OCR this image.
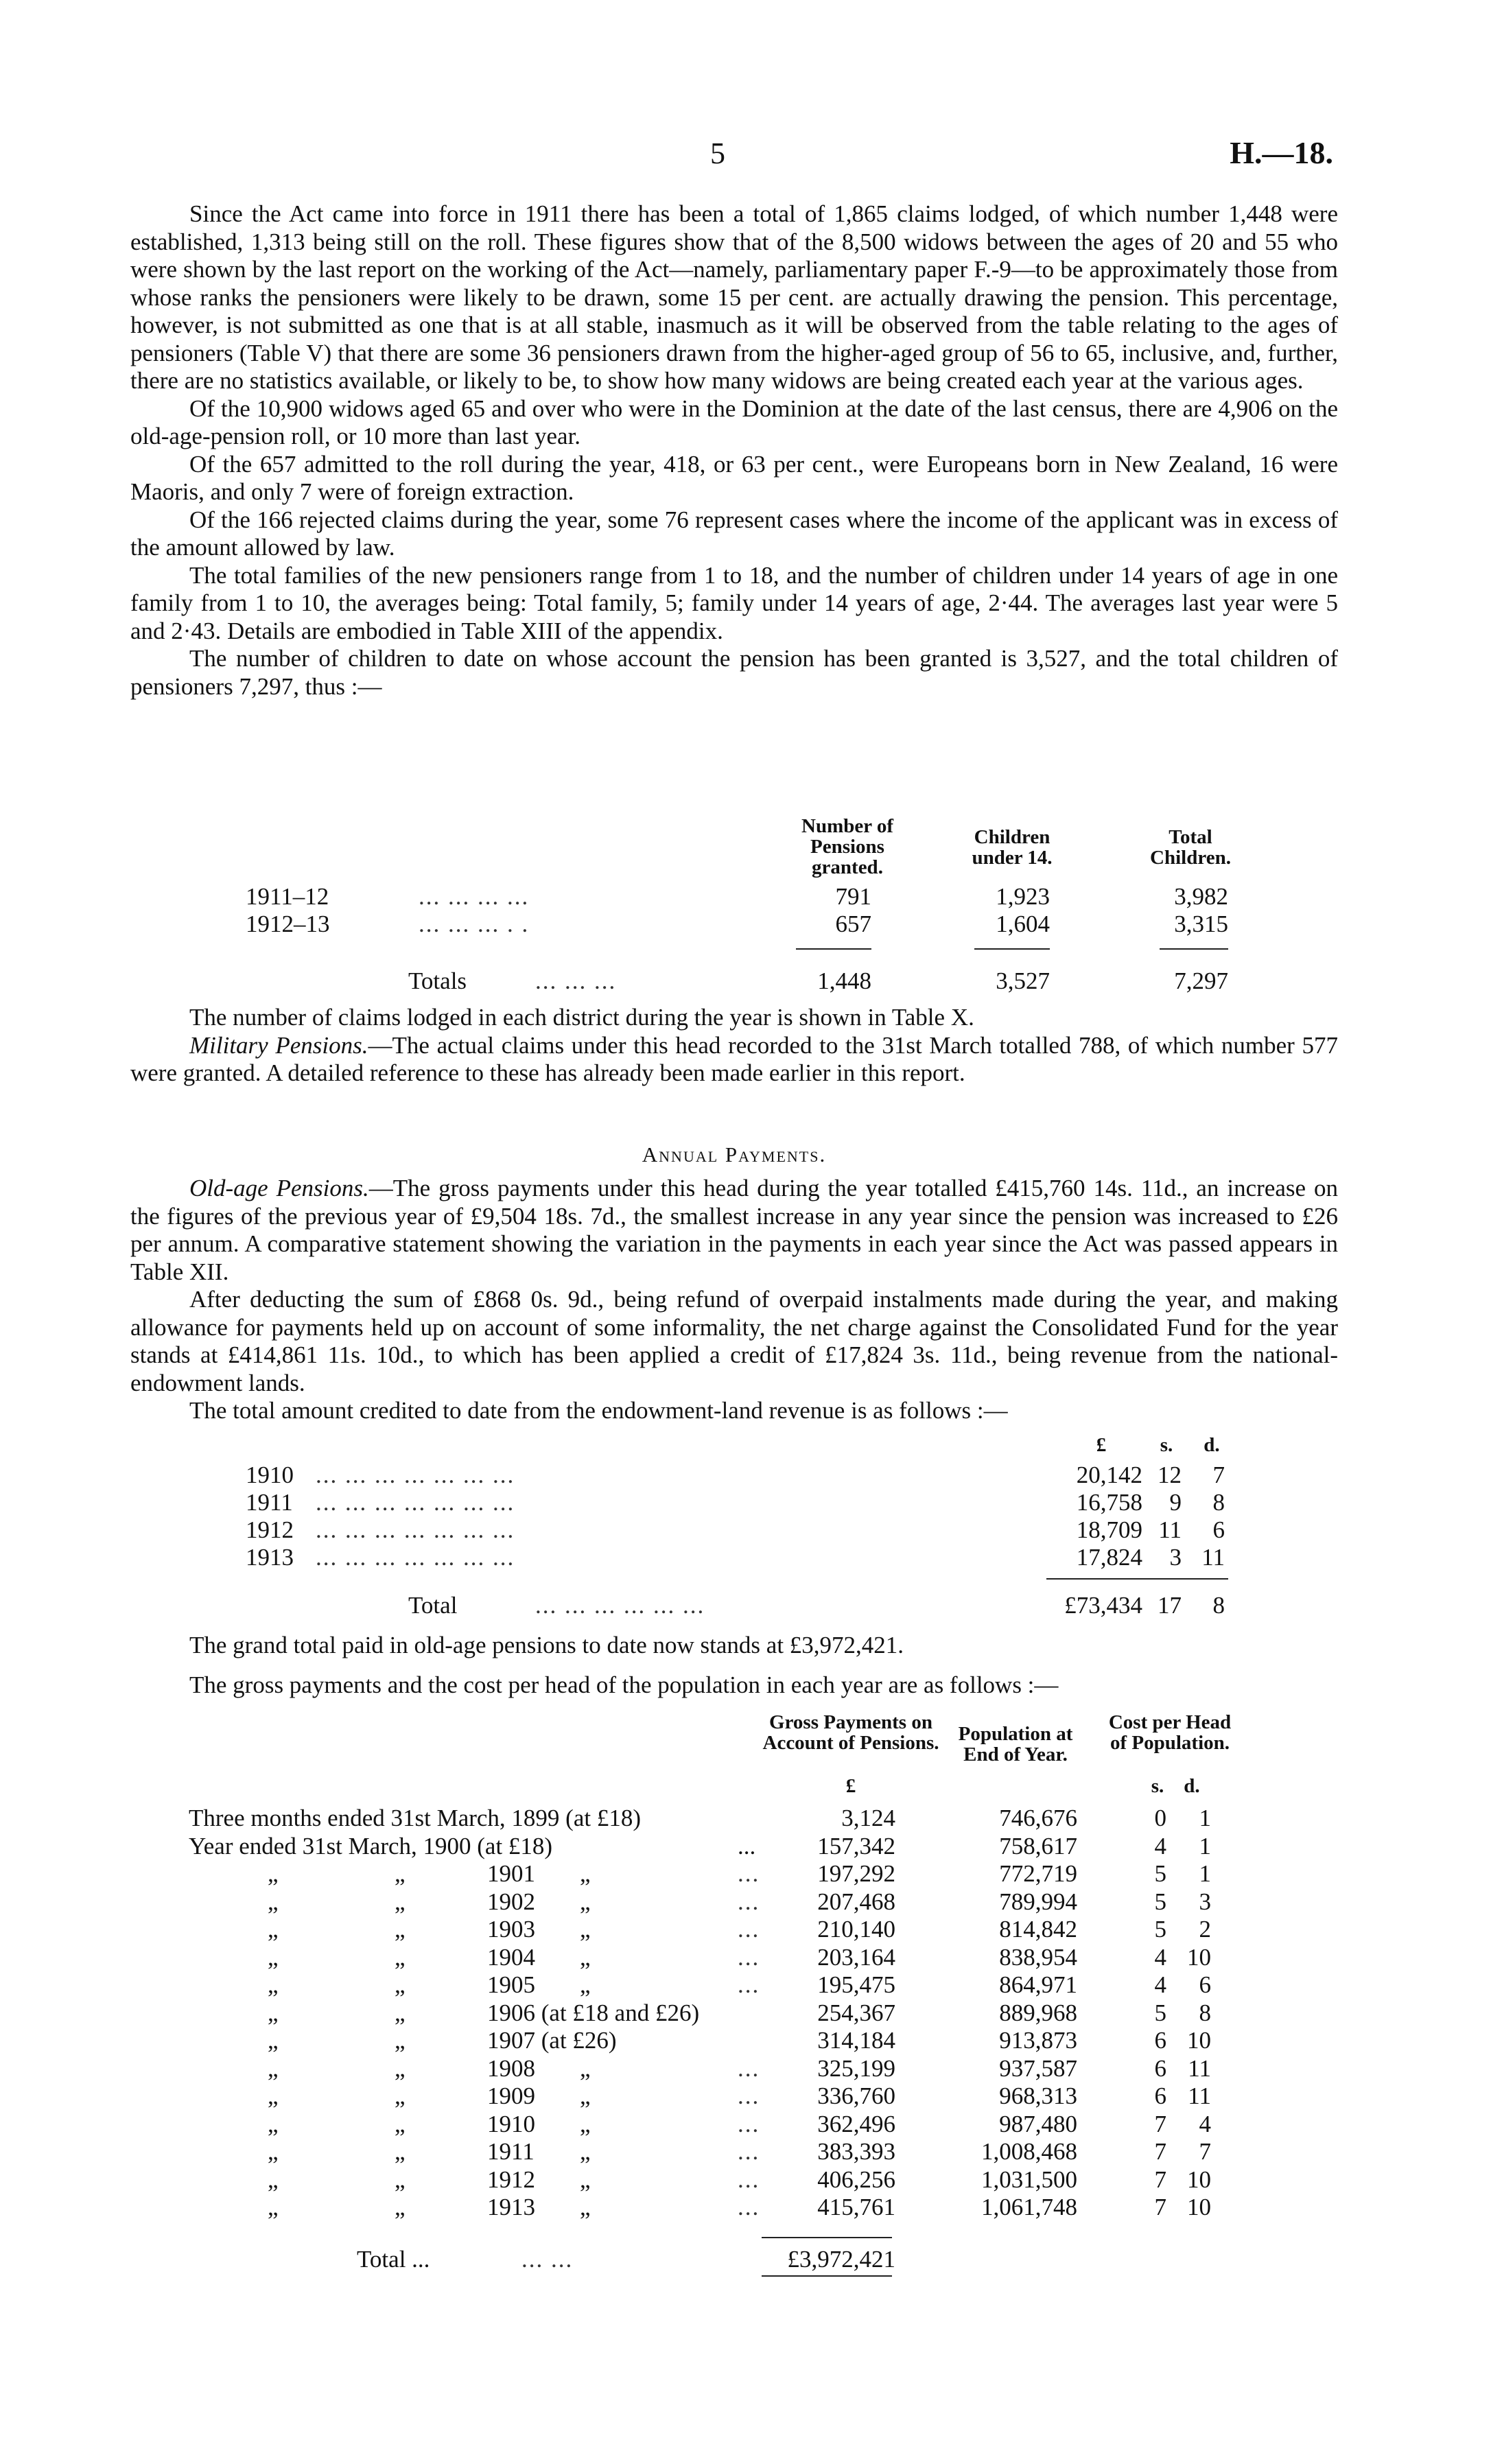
5	H.—18.

Since the Act came into force in 1911 there has been a total of 1,865 claims lodged, of which number 1,448 were established, 1,313 being still on the roll. These figures show that of the 8,500 widows between the ages of 20 and 55 who were shown by the last report on the working of the Act—namely, parliamentary paper F.-9—to be approximately those from whose ranks the pensioners were likely to be drawn, some 15 per cent. are actually drawing the pension. This percentage, however, is not submitted as one that is at all stable, inasmuch as it will be observed from the table relating to the ages of pensioners (Table V) that there are some 36 pensioners drawn from the higher-aged group of 56 to 65, inclusive, and, further, there are no statistics available, or likely to be, to show how many widows are being created each year at the various ages.

Of the 10,900 widows aged 65 and over who were in the Dominion at the date of the last census, there are 4,906 on the old-age-pension roll, or 10 more than last year.

Of the 657 admitted to the roll during the year, 418, or 63 per cent., were Europeans born in New Zealand, 16 were Maoris, and only 7 were of foreign extraction.

Of the 166 rejected claims during the year, some 76 represent cases where the income of the applicant was in excess of the amount allowed by law.

The total families of the new pensioners range from 1 to 18, and the number of children under 14 years of age in one family from 1 to 10, the averages being: Total family, 5; family under 14 years of age, 2·44. The averages last year were 5 and 2·43. Details are embodied in Table XIII of the appendix.

The number of children to date on whose account the pension has been granted is 3,527, and the total children of pensioners 7,297, thus :—

Number of Pensions granted.
Children under 14.
Total Children.
1911–12	... ... ... ...	791	1,923	3,982
1912–13	... ... ... . .	657	1,604	3,315
Totals	... ... ...	1,448	3,527	7,297

The number of claims lodged in each district during the year is shown in Table X.

Military Pensions.—The actual claims under this head recorded to the 31st March totalled 788, of which number 577 were granted. A detailed reference to these has already been made earlier in this report.

Annual Payments.

Old-age Pensions.—The gross payments under this head during the year totalled £415,760 14s. 11d., an increase on the figures of the previous year of £9,504 18s. 7d., the smallest increase in any year since the pension was increased to £26 per annum. A comparative statement showing the variation in the payments in each year since the Act was passed appears in Table XII.

After deducting the sum of £868 0s. 9d., being refund of overpaid instalments made during the year, and making allowance for payments held up on account of some informality, the net charge against the Consolidated Fund for the year stands at £414,861 11s. 10d., to which has been applied a credit of £17,824 3s. 11d., being revenue from the national-endowment lands.

The total amount credited to date from the endowment-land revenue is as follows :—

£	s.	d.
1910 ... ... ... ... ... ... ...	20,142 12	7
1911 ... ... ... ... ... ... ...	16,758	9	8
1912 ... ... ... ... ... ... ...	18,709 11	6
1913 ... ... ... ... ... ... ...	17,824	3 11
Total	... ... ... ... ... ...	£73,434 17	8

The grand total paid in old-age pensions to date now stands at £3,972,421.

The gross payments and the cost per head of the population in each year are as follows :—

Gross Payments on Account of Pensions.
£
Population at End of Year.
Cost per Head of Population.
s. d.
Three months ended 31st March, 1899 (at £18)	3,124	746,676	0	1
Year ended 31st March, 1900 (at £18)	...	157,342	758,617	4	1
„	„	1901 „	...	197,292	772,719	5	1
„	„	1902 „	...	207,468	789,994	5	3
„	„	1903 „	...	210,140	814,842	5	2
„	„	1904 „	...	203,164	838,954	4 10
„	„	1905 „	...	195,475	864,971	4	6
„	„	1906 (at £18 and £26)	254,367	889,968	5	8
„	„	1907 (at £26)	314,184	913,873	6 10
„	„	1908 „	...	325,199	937,587	6 11
„	„	1909 „	...	336,760	968,313	6 11
„	„	1910 „	...	362,496	987,480	7	4
„	„	1911 „	...	383,393	1,008,468	7	7
„	„	1912 „	...	406,256	1,031,500	7 10
„	„	1913 „	...	415,761	1,061,748	7 10
Total ...	... ...	£3,972,421
